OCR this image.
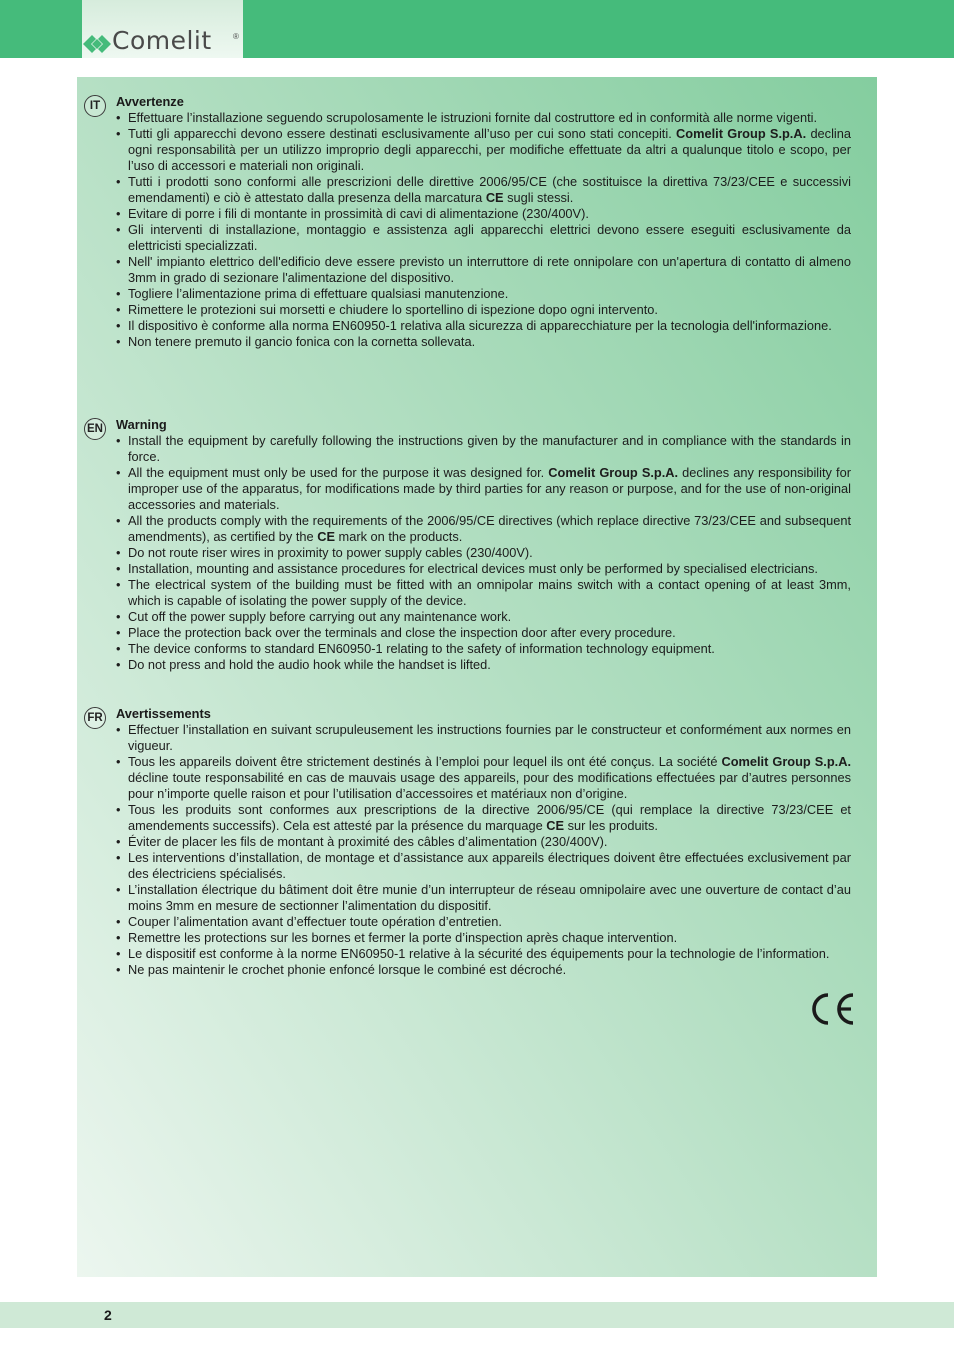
Comelit	®
IT	Avvertenze
• Effettuare l’installazione seguendo scrupolosamente le istruzioni fornite dal costruttore ed in conformità alle norme vigenti.
• Tutti gli apparecchi devono essere destinati esclusivamente all’uso per cui sono stati concepiti. Comelit Group S.p.A. declina ogni responsabilità per un utilizzo improprio degli apparecchi, per modifiche effettuate da altri a qualunque titolo e scopo, per l’uso di accessori e materiali non originali.
• Tutti i prodotti sono conformi alle prescrizioni delle direttive 2006/95/CE (che sostituisce la direttiva 73/23/CEE e successivi emendamenti) e ciò è attestato dalla presenza della marcatura CE sugli stessi.
• Evitare di porre i fili di montante in prossimità di cavi di alimentazione (230/400V).
• Gli interventi di installazione, montaggio e assistenza agli apparecchi elettrici devono essere eseguiti esclusivamente da elettricisti specializzati.
• Nell' impianto elettrico dell'edificio deve essere previsto un interruttore di rete onnipolare con un'apertura di contatto di almeno 3mm in grado di sezionare l'alimentazione del dispositivo.
• Togliere l’alimentazione prima di effettuare qualsiasi manutenzione.
• Rimettere le protezioni sui morsetti e chiudere lo sportellino di ispezione dopo ogni intervento.
• Il dispositivo è conforme alla norma EN60950-1 relativa alla sicurezza di apparecchiature per la tecnologia dell'informazione.
• Non tenere premuto il gancio fonica con la cornetta sollevata.
EN Warning
• Install the equipment by carefully following the instructions given by the manufacturer and in compliance with the standards in force.
• All the equipment must only be used for the purpose it was designed for. Comelit Group S.p.A. declines any responsibility for improper use of the apparatus, for modifications made by third parties for any reason or purpose, and for the use of non-original accessories and materials.
• All the products comply with the requirements of the 2006/95/CE directives (which replace directive 73/23/CEE and subsequent amendments), as certified by the CE mark on the products.
• Do not route riser wires in proximity to power supply cables (230/400V).
• Installation, mounting and assistance procedures for electrical devices must only be performed by specialised electricians.
• The electrical system of the building must be fitted with an omnipolar mains switch with a contact opening of at least 3mm, which is capable of isolating the power supply of the device.
• Cut off the power supply before carrying out any maintenance work.
• Place the protection back over the terminals and close the inspection door after every procedure.
• The device conforms to standard EN60950-1 relating to the safety of information technology equipment.
• Do not press and hold the audio hook while the handset is lifted.
FR Avertissements
• Effectuer l’installation en suivant scrupuleusement les instructions fournies par le constructeur et conformément aux normes en vigueur.
• Tous les appareils doivent être strictement destinés à l’emploi pour lequel ils ont été conçus. La société Comelit Group S.p.A. décline toute responsabilité en cas de mauvais usage des appareils, pour des modifications effectuées par d’autres personnes pour n’importe quelle raison et pour l’utilisation d’accessoires et matériaux non d’origine.
• Tous les produits sont conformes aux prescriptions de la directive 2006/95/CE (qui remplace la directive 73/23/CEE et amendements successifs). Cela est attesté par la présence du marquage CE sur les produits.
• Éviter de placer les fils de montant à proximité des câbles d’alimentation (230/400V).
• Les interventions d’installation, de montage et d’assistance aux appareils électriques doivent être effectuées exclusivement par des électriciens spécialisés.
• L’installation électrique du bâtiment doit être munie d’un interrupteur de réseau omnipolaire avec une ouverture de contact d’au moins 3mm en mesure de sectionner l’alimentation du dispositif.
• Couper l’alimentation avant d’effectuer toute opération d’entretien.
• Remettre les protections sur les bornes et fermer la porte d’inspection après chaque intervention.
• Le dispositif est conforme à la norme EN60950-1 relative à la sécurité des équipements pour la technologie de l’information.
• Ne pas maintenir le crochet phonie enfoncé lorsque le combiné est décroché.
2
